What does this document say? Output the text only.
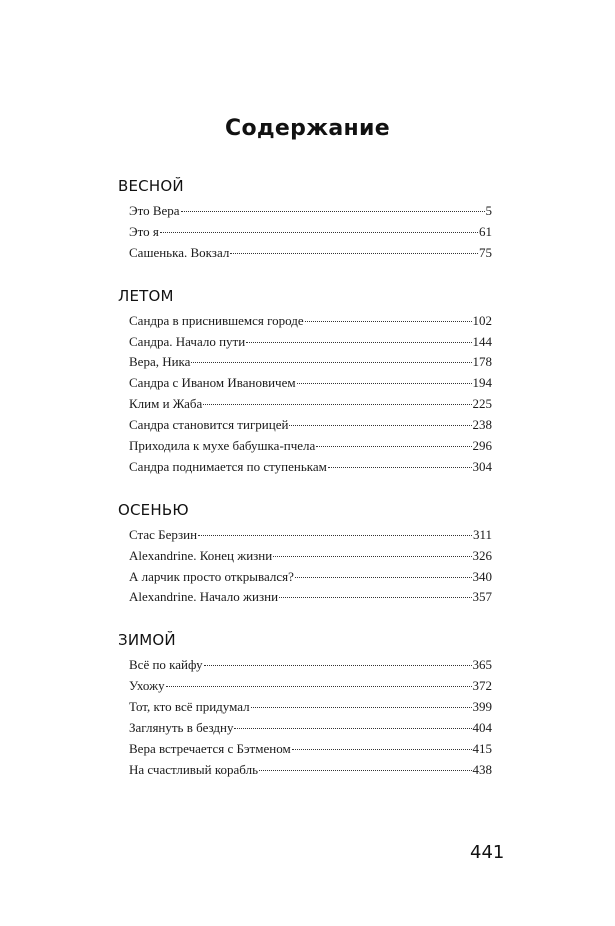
Содержание
ВЕСНОЙ
Это Вера	5
Это я	61
Сашенька. Вокзал	75
ЛЕТОМ
Сандра в приснившемся городе	102
Сандра. Начало пути	144
Вера, Ника	178
Сандра с Иваном Ивановичем	194
Клим и Жаба	225
Сандра становится тигрицей	238
Приходила к мухе бабушка-пчела	296
Сандра поднимается по ступенькам	304
ОСЕНЬЮ
Стас Берзин	311
Alexandrine. Конец жизни	326
А ларчик просто открывался?	340
Alexandrine. Начало жизни	357
ЗИМОЙ
Всё по кайфу	365
Ухожу	372
Тот, кто всё придумал	399
Заглянуть в бездну	404
Вера встречается с Бэтменом	415
На счастливый корабль	438
441
